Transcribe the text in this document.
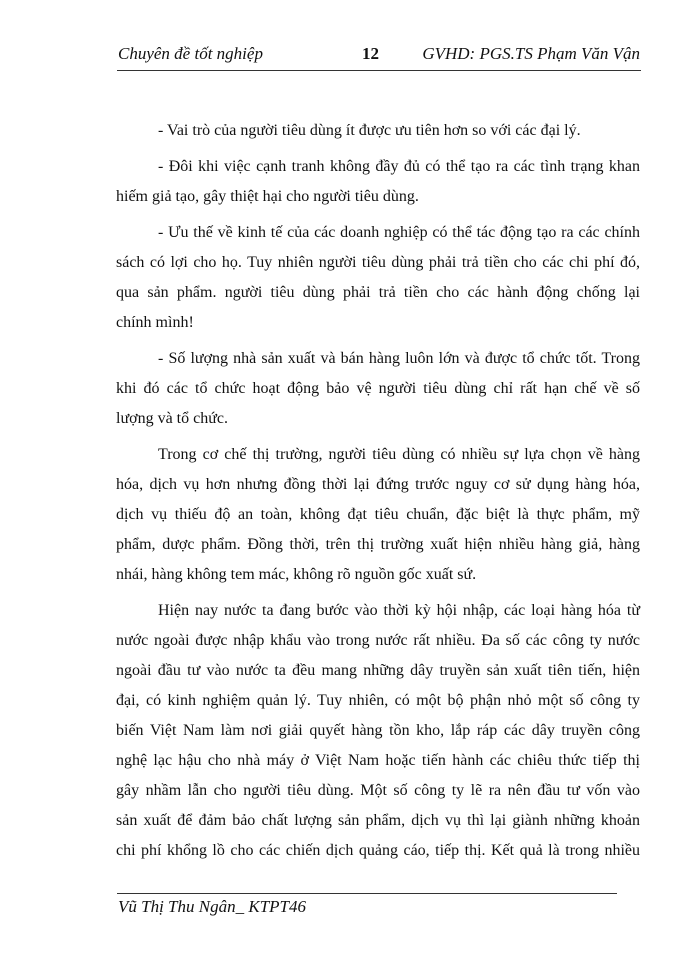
Chuyên đề tốt nghiệp	12	GVHD: PGS.TS Phạm Văn Vận
- Vai trò của người tiêu dùng ít được ưu tiên hơn so với các đại lý.
- Đôi khi việc cạnh tranh không đầy đủ có thể tạo ra các tình trạng khan
hiếm giả tạo, gây thiệt hại cho người tiêu dùng.
- Ưu thế về kinh tế của các doanh nghiệp có thể tác động tạo ra các chính
sách có lợi cho họ. Tuy nhiên người tiêu dùng phải trả tiền cho các chi phí đó,
qua sản phẩm. người tiêu dùng phải trả tiền cho các hành động chống lại
chính mình!
- Số lượng nhà sản xuất và bán hàng luôn lớn và được tổ chức tốt. Trong
khi đó các tổ chức hoạt động bảo vệ người tiêu dùng chỉ rất hạn chế về số
lượng và tổ chức.
Trong cơ chế thị trường, người tiêu dùng có nhiều sự lựa chọn về hàng
hóa, dịch vụ hơn nhưng đồng thời lại đứng trước nguy cơ sử dụng hàng hóa,
dịch vụ thiếu độ an toàn, không đạt tiêu chuẩn, đặc biệt là thực phẩm, mỹ
phẩm, dược phẩm. Đồng thời, trên thị trường xuất hiện nhiều hàng giả, hàng
nhái, hàng không tem mác, không rõ nguồn gốc xuất sứ.
Hiện nay nước ta đang bước vào thời kỳ hội nhập, các loại hàng hóa từ
nước ngoài được nhập khẩu vào trong nước rất nhiều. Đa số các công ty nước
ngoài đầu tư vào nước ta đều mang những dây truyền sản xuất tiên tiến, hiện
đại, có kinh nghiệm quản lý. Tuy nhiên, có một bộ phận nhỏ một số công ty
biến Việt Nam làm nơi giải quyết hàng tồn kho, lắp ráp các dây truyền công
nghệ lạc hậu cho nhà máy ở Việt Nam hoặc tiến hành các chiêu thức tiếp thị
gây nhầm lẫn cho người tiêu dùng. Một số công ty lẽ ra nên đầu tư vốn vào
sản xuất để đảm bảo chất lượng sản phẩm, dịch vụ thì lại giành những khoản
chi phí khổng lồ cho các chiến dịch quảng cáo, tiếp thị. Kết quả là trong nhiều
Vũ Thị Thu Ngân_ KTPT46
